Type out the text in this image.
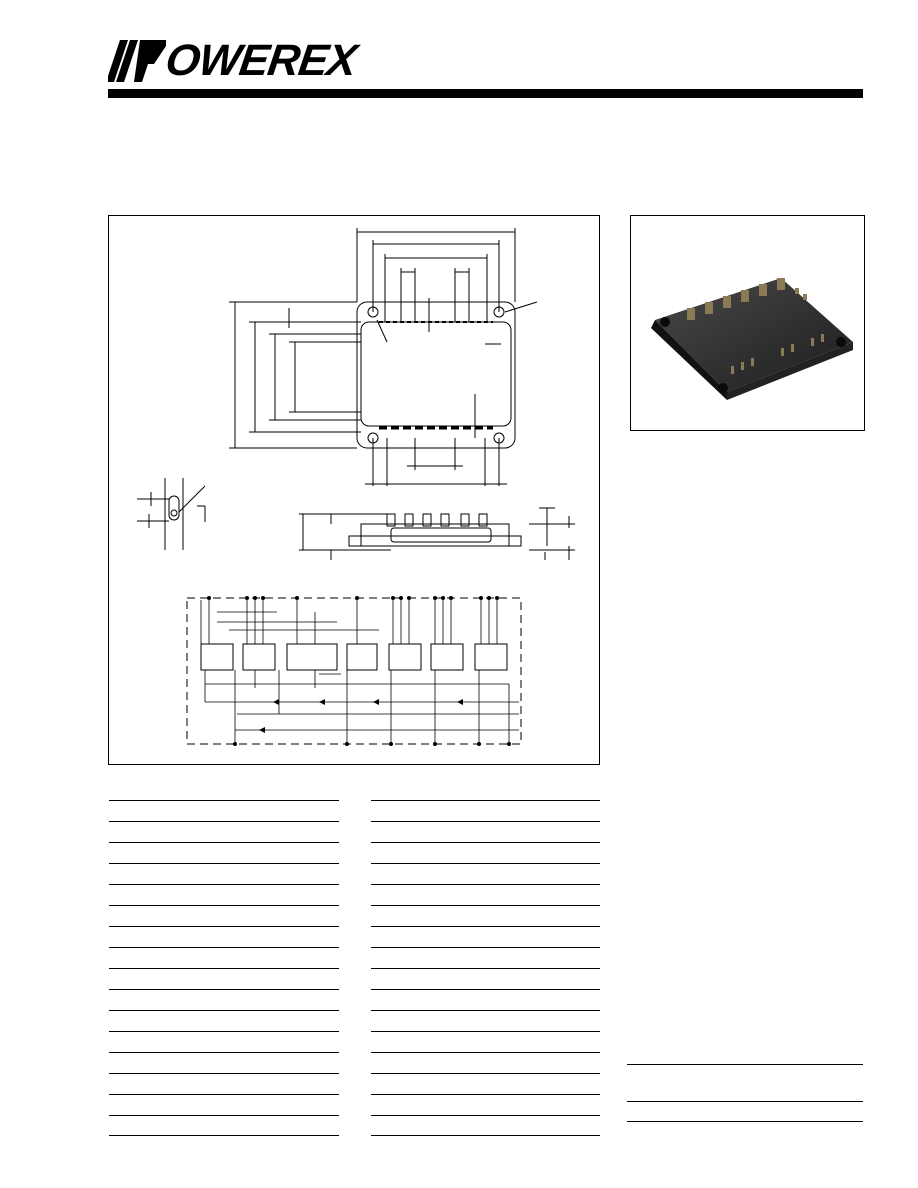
OWEREX
